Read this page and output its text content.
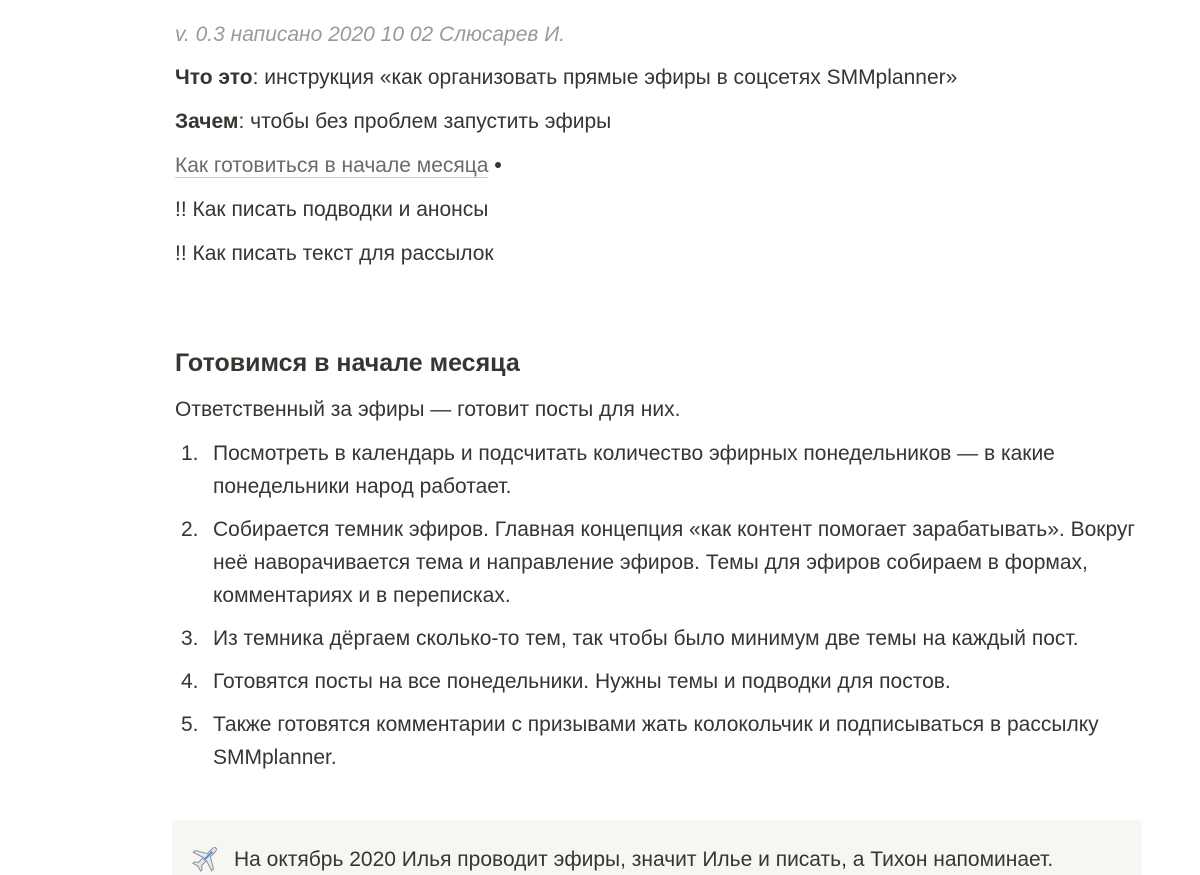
v. 0.3 написано 2020 10 02 Слюсарев И.
Что это: инструкция «как организовать прямые эфиры в соцсетях SMMplanner»
Зачем: чтобы без проблем запустить эфиры
Как готовиться в начале месяца
!! Как писать подводки и анонсы
!! Как писать текст для рассылок
Готовимся в начале месяца
Ответственный за эфиры — готовит посты для них.
1. Посмотреть в календарь и подсчитать количество эфирных понедельников — в какие понедельники народ работает.
2. Собирается темник эфиров. Главная концепция «как контент помогает зарабатывать». Вокруг неё наворачивается тема и направление эфиров. Темы для эфиров собираем в формах, комментариях и в переписках.
3. Из темника дёргаем сколько-то тем, так чтобы было минимум две темы на каждый пост.
4. Готовятся посты на все понедельники. Нужны темы и подводки для постов.
5. Также готовятся комментарии с призывами жать колокольчик и подписываться в рассылку SMMplanner.
На октябрь 2020 Илья проводит эфиры, значит Илье и писать, а Тихон напоминает.
